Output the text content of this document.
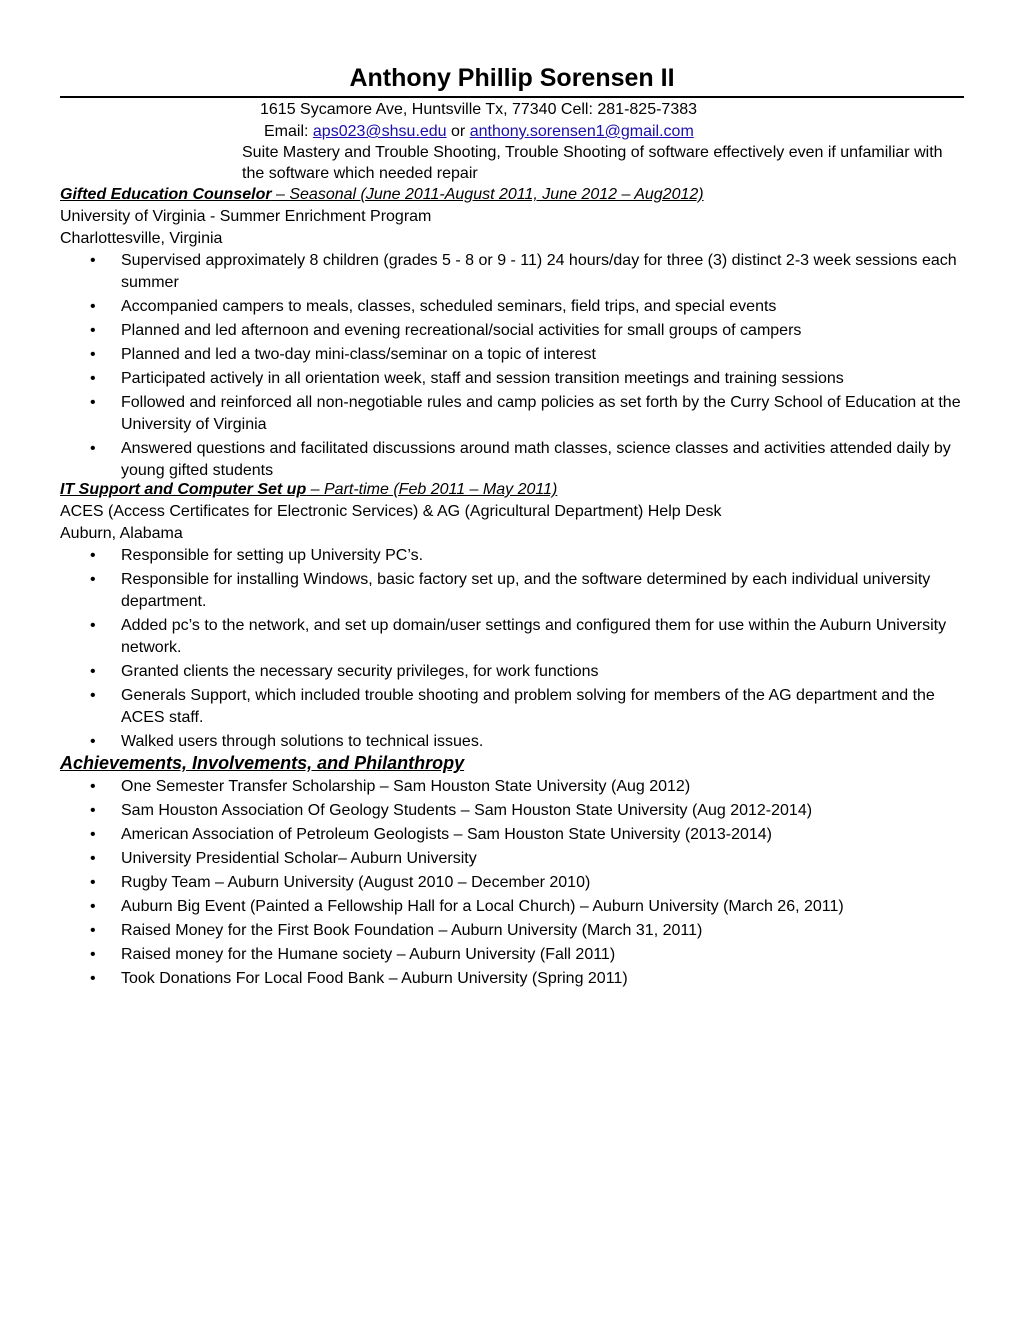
Anthony Phillip Sorensen II
1615 Sycamore Ave, Huntsville Tx, 77340 Cell: 281-825-7383
Email: aps023@shsu.edu or anthony.sorensen1@gmail.com
Suite Mastery and Trouble Shooting, Trouble Shooting of software effectively even if unfamiliar with the software which needed repair
Gifted Education Counselor – Seasonal (June 2011-August 2011, June 2012 – Aug2012)
University of Virginia - Summer Enrichment Program
Charlottesville, Virginia
• Supervised approximately 8 children (grades 5 - 8 or 9 - 11) 24 hours/day for three (3) distinct 2-3 week sessions each summer
• Accompanied campers to meals, classes, scheduled seminars, field trips, and special events
• Planned and led afternoon and evening recreational/social activities for small groups of campers
• Planned and led a two-day mini-class/seminar on a topic of interest
• Participated actively in all orientation week, staff and session transition meetings and training sessions
• Followed and reinforced all non-negotiable rules and camp policies as set forth by the Curry School of Education at the University of Virginia
• Answered questions and facilitated discussions around math classes, science classes and activities attended daily by young gifted students
IT Support and Computer Set up – Part-time (Feb 2011 – May 2011)
ACES (Access Certificates for Electronic Services) & AG (Agricultural Department) Help Desk
Auburn, Alabama
• Responsible for setting up University PC’s.
• Responsible for installing Windows, basic factory set up, and the software determined by each individual university department.
• Added pc’s to the network, and set up domain/user settings and configured them for use within the Auburn University network.
• Granted clients the necessary security privileges, for work functions
• Generals Support, which included trouble shooting and problem solving for members of the AG department and the ACES staff.
• Walked users through solutions to technical issues.
Achievements, Involvements, and Philanthropy
• One Semester Transfer Scholarship – Sam Houston State University (Aug 2012)
• Sam Houston Association Of Geology Students – Sam Houston State University (Aug 2012-2014)
• American Association of Petroleum Geologists – Sam Houston State University (2013-2014)
• University Presidential Scholar– Auburn University
• Rugby Team – Auburn University (August 2010 – December 2010)
• Auburn Big Event (Painted a Fellowship Hall for a Local Church) – Auburn University (March 26, 2011)
• Raised Money for the First Book Foundation – Auburn University (March 31, 2011)
• Raised money for the Humane society – Auburn University (Fall 2011)
• Took Donations For Local Food Bank – Auburn University (Spring 2011)
